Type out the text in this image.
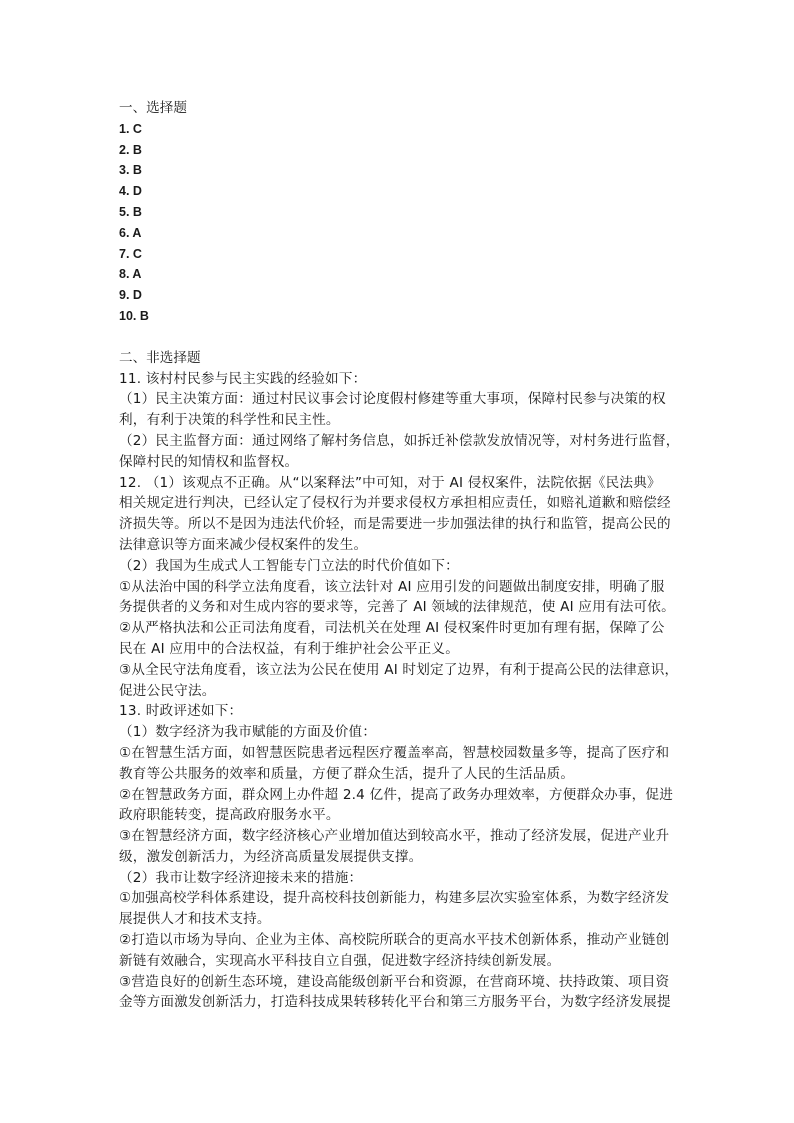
一、选择题
1. C
2. B
3. B
4. D
5. B
6. A
7. C
8. A
9. D
10. B
二、非选择题
11. 该村村民参与民主实践的经验如下：
（1）民主决策方面：通过村民议事会讨论度假村修建等重大事项，保障村民参与决策的权
利，有利于决策的科学性和民主性。
（2）民主监督方面：通过网络了解村务信息，如拆迁补偿款发放情况等，对村务进行监督，
保障村民的知情权和监督权。
12. （1）该观点不正确。从“以案释法”中可知，对于 AI 侵权案件，法院依据《民法典》
相关规定进行判决，已经认定了侵权行为并要求侵权方承担相应责任，如赔礼道歉和赔偿经
济损失等。所以不是因为违法代价轻，而是需要进一步加强法律的执行和监管，提高公民的
法律意识等方面来减少侵权案件的发生。
（2）我国为生成式人工智能专门立法的时代价值如下：
①从法治中国的科学立法角度看，该立法针对 AI 应用引发的问题做出制度安排，明确了服
务提供者的义务和对生成内容的要求等，完善了 AI 领域的法律规范，使 AI 应用有法可依。
②从严格执法和公正司法角度看，司法机关在处理 AI 侵权案件时更加有理有据，保障了公
民在 AI 应用中的合法权益，有利于维护社会公平正义。
③从全民守法角度看，该立法为公民在使用 AI 时划定了边界，有利于提高公民的法律意识，
促进公民守法。
13. 时政评述如下：
（1）数字经济为我市赋能的方面及价值：
①在智慧生活方面，如智慧医院患者远程医疗覆盖率高，智慧校园数量多等，提高了医疗和
教育等公共服务的效率和质量，方便了群众生活，提升了人民的生活品质。
②在智慧政务方面，群众网上办件超 2.4 亿件，提高了政务办理效率，方便群众办事，促进
政府职能转变，提高政府服务水平。
③在智慧经济方面，数字经济核心产业增加值达到较高水平，推动了经济发展，促进产业升
级，激发创新活力，为经济高质量发展提供支撑。
（2）我市让数字经济迎接未来的措施：
①加强高校学科体系建设，提升高校科技创新能力，构建多层次实验室体系，为数字经济发
展提供人才和技术支持。
②打造以市场为导向、企业为主体、高校院所联合的更高水平技术创新体系，推动产业链创
新链有效融合，实现高水平科技自立自强，促进数字经济持续创新发展。
③营造良好的创新生态环境，建设高能级创新平台和资源，在营商环境、扶持政策、项目资
金等方面激发创新活力，打造科技成果转移转化平台和第三方服务平台，为数字经济发展提
